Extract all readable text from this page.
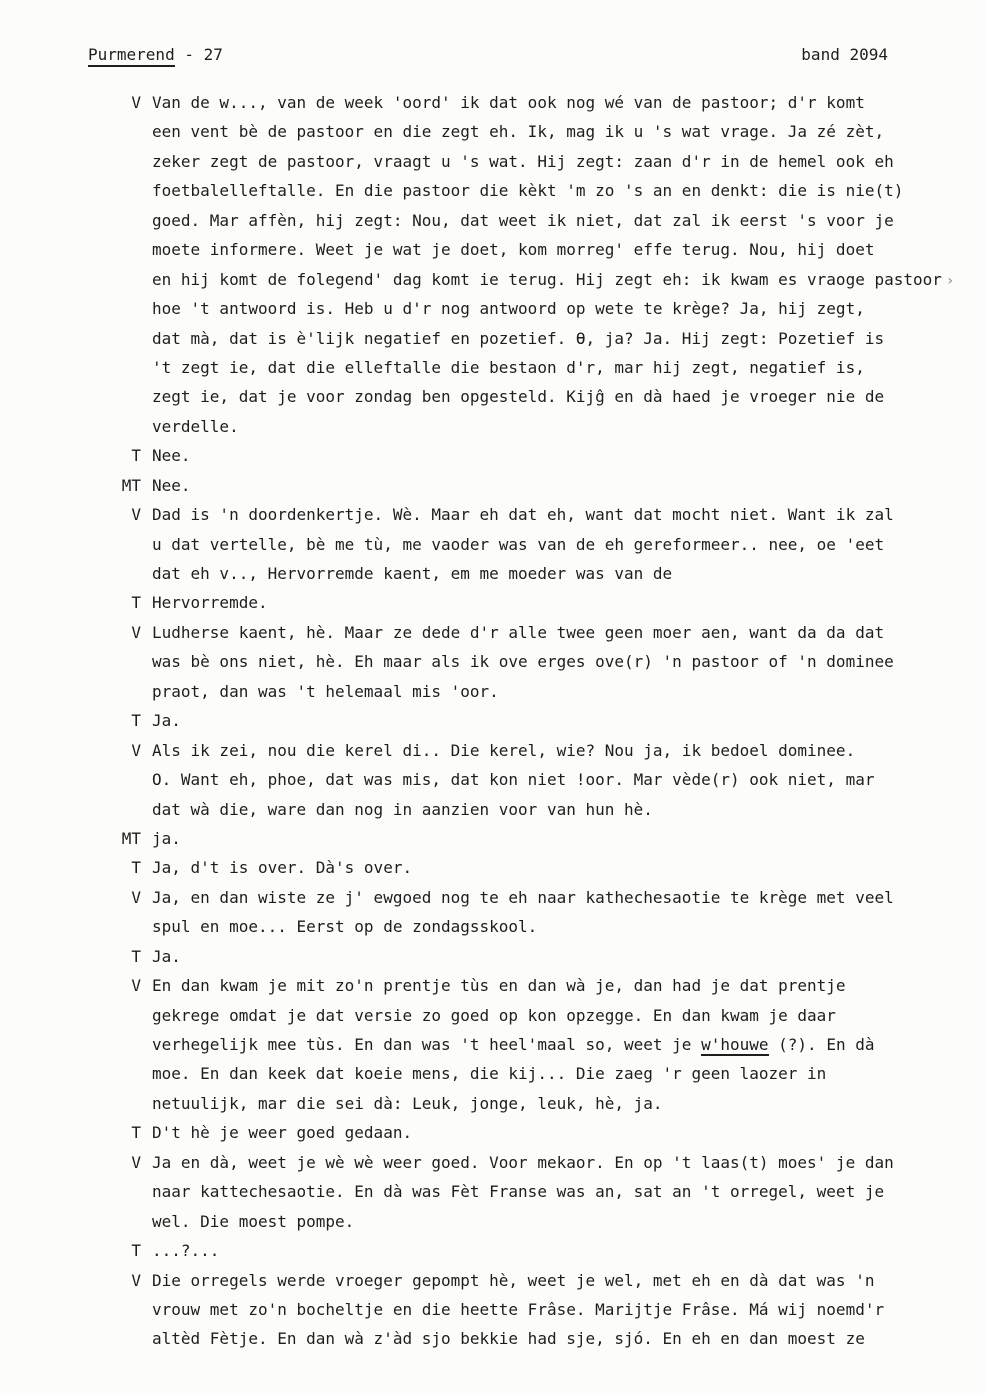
Purmerend - 27	band 2094
V Van de w..., van de week 'oord' ik dat ook nog wé van de pastoor; d'r komt
een vent bè de pastoor en die zegt eh. Ik, mag ik u 's wat vrage. Ja zé zèt,
zeker zegt de pastoor, vraagt u 's wat. Hij zegt: zaan d'r in de hemel ook eh
foetbalelleftalle. En die pastoor die kèkt 'm zo 's an en denkt: die is nie(t)
goed. Mar affèn, hij zegt: Nou, dat weet ik niet, dat zal ik eerst 's voor je
moete informere. Weet je wat je doet, kom morreg' effe terug. Nou, hij doet
en hij komt de folegend' dag komt ie terug. Hij zegt eh: ik kwam es vraoge pastoor ›
hoe 't antwoord is. Heb u d'r nog antwoord op wete te krège? Ja, hij zegt,
dat mà, dat is è'lijk negatief en pozetief. Ɵ, ja? Ja. Hij zegt: Pozetief is
't zegt ie, dat die elleftalle die bestaon d'r, mar hij zegt, negatief is,
zegt ie, dat je voor zondag ben opgesteld. Kijĝ en dà haed je vroeger nie de
verdelle.
T Nee.
MT Nee.
V Dad is 'n doordenkertje. Wè. Maar eh dat eh, want dat mocht niet. Want ik zal
u dat vertelle, bè me tù, me vaoder was van de eh gereformeer.. nee, oe 'eet
dat eh v.., Hervorremde kaent, em me moeder was van de
T Hervorremde.
V Ludherse kaent, hè. Maar ze dede d'r alle twee geen moer aen, want da da dat
was bè ons niet, hè. Eh maar als ik ove erges ove(r) 'n pastoor of 'n dominee
praot, dan was 't helemaal mis 'oor.
T Ja.
V Als ik zei, nou die kerel di.. Die kerel, wie? Nou ja, ik bedoel dominee.
O. Want eh, phoe, dat was mis, dat kon niet !oor. Mar vède(r) ook niet, mar
dat wà die, ware dan nog in aanzien voor van hun hè.
MT ja.
T Ja, d't is over. Dà's over.
V Ja, en dan wiste ze j' ewgoed nog te eh naar kathechesaotie te krège met veel
spul en moe... Eerst op de zondagsskool.
T Ja.
V En dan kwam je mit zo'n prentje tùs en dan wà je, dan had je dat prentje
gekrege omdat je dat versie zo goed op kon opzegge. En dan kwam je daar
verhegelijk mee tùs. En dan was 't heel'maal so, weet je w'houwe (?). En dà
moe. En dan keek dat koeie mens, die kij... Die zaeg 'r geen laozer in
netuulijk, mar die sei dà: Leuk, jonge, leuk, hè, ja.
T D't hè je weer goed gedaan.
V Ja en dà, weet je wè wè weer goed. Voor mekaor. En op 't laas(t) moes' je dan
naar kattechesaotie. En dà was Fèt Franse was an, sat an 't orregel, weet je
wel. Die moest pompe.
T ...?...
V Die orregels werde vroeger gepompt hè, weet je wel, met eh en dà dat was 'n
vrouw met zo'n bocheltje en die heette Frâse. Marijtje Frâse. Má wij noemd'r
altèd Fètje. En dan wà z'àd sjo bekkie had sje, sjó. En eh en dan moest ze
